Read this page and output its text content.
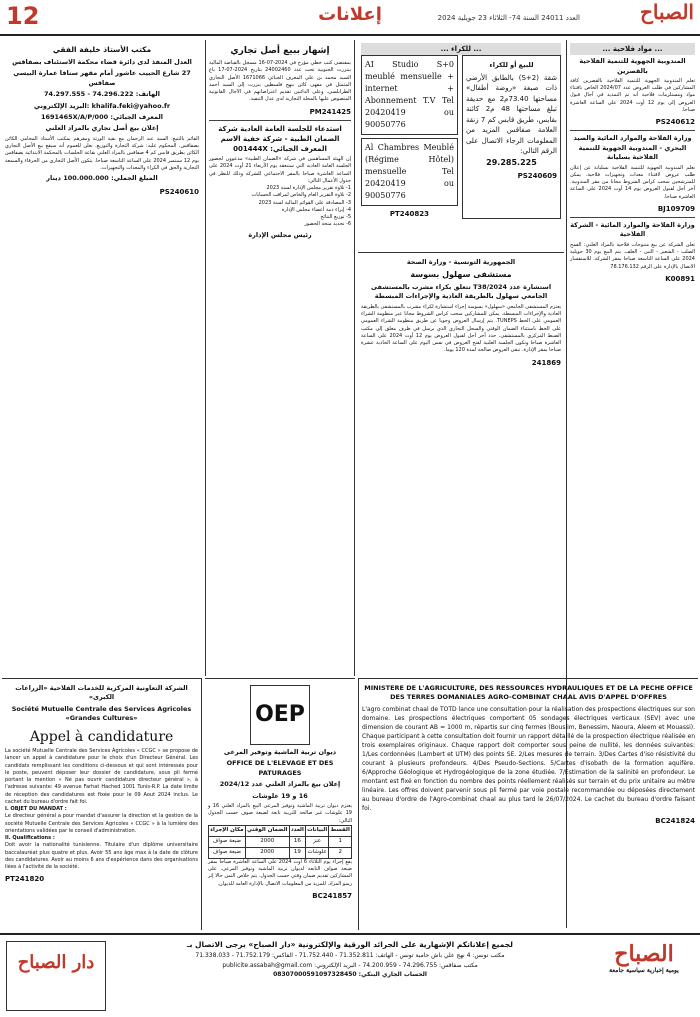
12	إعلانات	العدد 24011 السنة 74- الثلاثاء 23 جويلية 2024	الصباح
... مواد فلاحية ...
المندوبية الجهوية للتنمية الفلاحية بالقصرين
تعلم المندوبية الجهوية للتنمية الفلاحية بالقصرين كافة المشاركين في طلب العروض عدد 2024/07 الخاص باقتناء مواد ومستلزمات فلاحية أنه تم التمديد في آجال قبول العروض إلى يوم 12 أوت 2024 على الساعة العاشرة صباحا.
PS240612
وزارة الفلاحة والموارد المائية والصيد البحري - المندوبية الجهوية للتنمية الفلاحية بسليانة
تعلم المندوبية الجهوية للتنمية الفلاحية بسليانة عن إعلان طلب عروض لاقتناء معدات وتجهيزات فلاحية. يمكن للمترشحين سحب كراس الشروط مجانا من مقر المندوبية. آخر أجل لقبول العروض يوم 14 أوت 2024 على الساعة العاشرة صباحا.
BJ109709
وزارة الفلاحة والموارد المائية - الشركة الفلاحية
تعلن الشركة عن بيع منتوجات فلاحية بالمزاد العلني: القمح الصلب - الشعير - التبن - العلف. يتم البيع يوم 30 جويلية 2024 على الساعة التاسعة صباحا بمقر الشركة. للاستفسار الاتصال بالإدارة على الرقم 78.176.132
K00891
... للكراء ...
للبيع أو للكراء
شقة (S+2) بالطابق الأرضي ذات صبغة «روضة أطفال» مساحتها 73.40م2 مع حديقة تبلغ مساحتها 48 م2 كائنة بقابس، طريق قابس كم 7 زنقة العلامة صفاقس المزيد من المعلومات الرجاء الاتصال على الرقم التالي:
29.285.225
PS240609
AI Studio S+0 meublé mensuelle + internet + Abonnement T.V Tel 20420419 ou 90050776
Al Chambres Meublé (Régime Hôtel) mensuelle Tel 20420419 ou 90050776
PT240823
الجمهورية التونسية - وزارة الصحة
مستشفى سهلول بسوسة
استشارة عدد 2024/T38 تتعلق بكراء مشرب بالمستشفى الجامعي سهلول بالطريقة العادية والإجراءات المبسطة
يعتزم المستشفى الجامعي «سهلول» بسوسة إجراء استشارة لكراء مشرب بالمستشفى بالطريقة العادية والإجراءات المبسطة. يمكن للمشاركين سحب كراس الشروط مجانا عبر منظومة الشراء العمومي على الخط TUNEPS. يتم إرسال العروض وجوبا عن طريق منظومة الشراء العمومي على الخط باستثناء الضمان الوقتي والسجل التجاري الذي يرسل في ظرف مغلق إلى مكتب الضبط المركزي بالمستشفى. حدد آخر أجل لقبول العروض يوم 12 أوت 2024 على الساعة العاشرة صباحا وتكون الجلسة العلنية لفتح العروض في نفس اليوم على الساعة الحادية عشرة صباحا بمقر الإدارة. تبقى العروض صالحة لمدة 120 يوما.
241869
إشهار ببيع أصل تجاري
بمقتضى كتب خطي مؤرخ في 2024-07-16 مسجل بالقباضة المالية ببنزرت الجنوبية تحت عدد 24002460 بتاريخ 2024-07-17 باع السيد محمد بن علي المعرف الجبائي 1671066 الأصل التجاري المتمثل في مقهى كائن بنهج فلسطين بنزرت إلى السيد أحمد الطرابلسي. وعلى الدائنين تقديم اعتراضاتهم في الآجال القانونية المنصوص عليها بالمجلة التجارية لدى عدل التنفيذ.
PM241425
استدعاء للجلسة العامة العادية شركة الضمان الطبية - شركة خفية الاسم المعرف الجبائي: 001444X
إن الهيئة المساهمين في شركة «الضمان الطبية» مدعوون لحضور الجلسة العامة العادية التي ستنعقد يوم الأربعاء 21 أوت 2024 على الساعة العاشرة صباحا بالمقر الاجتماعي للشركة وذلك للنظر في جدول الأعمال التالي:
1- تلاوة تقرير مجلس الإدارة لسنة 2023
2- تلاوة التقرير العام والخاص لمراقب الحسابات
3- المصادقة على القوائم المالية لسنة 2023
4- إبراء ذمة أعضاء مجلس الإدارة
5- توزيع النتائج
6- تحديد منحة الحضور
رئيس مجلس الإدارة
مكتب الأستاذ خليفة الفقي
العدل المنفذ لدى دائرة قضاء محكمة الاستئناف بصفاقس
27 شارع الحبيب عاشور أمام مقهر سنافا عمارة البيسي صفاقس
الهاتف: 74.296.222 - 74.297.555
khalifa.feki@yahoo.fr :البريد الإلكتروني
المعرف الجبائي: 1691465X/A/P/000
إعلان بيع أصل تجاري بالمزاد العلني
القائم بالتتبع: السيد عبد الرحمان مع بقية الورثة ومقرهم بمكتب الأستاذ المحامي الكائن بصفاقس. المحكوم عليه: شركة التجارة والتوزيع. نعلن للعموم أنه سيقع بيع الأصل التجاري الكائن بطريق قابس كم 4 صفاقس بالمزاد العلني بقاعة الجلسات بالمحكمة الابتدائية بصفاقس يوم 12 سبتمبر 2024 على الساعة التاسعة صباحا. يتكون الأصل التجاري من الحرفاء والسمعة التجارية والحق في الكراء والمعدات والتجهيزات.
المبلغ الجملي: 100.000.000 دينار
PS240610
الشركة التعاونية المركزية للخدمات الفلاحية «الزراعات الكبرى»
Société Mutuelle Centrale des Services Agricoles «Grandes Cultures»
Appel à candidature
La société Mutuelle Centrale des Services Agricoles « CCGC » se propose de lancer un appel à candidature pour le choix d'un Directeur Général. Les candidats remplissant les conditions ci-dessous et qui sont intéressés pour le poste, peuvent déposer leur dossier de candidature, sous pli fermé portant la mention « Ne pas ouvrir candidature directeur général », à l'adresse suivante: 49 avenue Farhat Hached 1001 Tunis-R.P. La date limite de réception des candidatures est fixée pour le 09 Aout 2024 inclus. Le cachet du bureau d'ordre fait foi.
I. OBJET DU MANDAT :
Le directeur général a pour mandat d'assurer la direction et la gestion de la société Mutuelle Centrale des Services Agricoles « CCGC » à la lumière des orientations validées par le conseil d'administration.
II. Qualifications :
Doit avoir la nationalité tunisienne. Titulaire d'un diplôme universitaire baccalauréat plus quatre et plus. Avoir 55 ans âge max à la date de clôture des candidatures. Avoir au moins 6 ans d'expérience dans des organisations liées à l'activité de la société.
PT241820
OEP
ديوان تربية الماشية وتوفير المرعى
OFFICE DE L'ELEVAGE ET DES PATURAGES
إعلان بيع بالمزاد العلني عدد 2024/12
16 و 19 علوشات
يعتزم ديوان تربية الماشية وتوفير المرعى البيع بالمزاد العلني 16 و 19 علوشات غير صالحة للتربية تابعة لضيعة صوف حسب الجدول التالي:
القسط	البيانات	العدد	الضمان الوقتي	مكان الإجراء
1	عنز	16	2000	ضيعة صواف
2	علوشات	19	2000	ضيعة صواف
يقع إجراء يوم الثلاثاء 6 أوت 2024 على الساعة العاشرة صباحا بمقر ضيعة صواف التابعة لديوان تربية الماشية وتوفير المرعى. على المشاركين تقديم ضمان وقتي حسب الجدول. يتم خلاص الثمن حالا إثر رسو المزاد. للمزيد من المعلومات الاتصال بالإدارة العامة للديوان.
BC241857
MINISTERE DE L'AGRICULTURE, DES RESSOURCES HYDRAULIQUES ET DE LA PECHE OFFICE DES TERRES DOMANIALES AGRO-COMBINAT CHAAL AVIS D'APPEL D'OFFRES
L'agro combinat chaal de TOTD lance une consultation pour la réalisation des prospections électriques sur son domaine. Les prospections électriques comportent 05 sondages électriques verticaux (SEV) avec une dimension de courant AB = 1000 m, répartis sur cinq fermes (Bouslim, Benessim, Naoura, Aleem et Mouassi). Chaque participant à cette consultation doit fournir un rapport détaillé de la prospection électrique réalisée en trois exemplaires originaux. Chaque rapport doit comporter sous peine de nullité, les données suivantes: 1/Les cordonnées (Lambert et UTM) des points SE. 2/Les mesures de terrain. 3/Des Cartes d'iso résistivité du courant à plusieurs profondeurs. 4/Des Pseudo-Sections. 5/Cartes d'isobath de la formation aquifère. 6/Approche Géologique et Hydrogéologique de la zone étudiée. 7/Estimation de la salinité en profondeur. Le montant est fixé en fonction du nombre des points réellement réalisés sur terrain et du prix unitaire au mètre linéaire. Les offres doivent parvenir sous pli fermé par voie postale recommandée ou déposées directement au bureau d'ordre de l'Agro-combinat chaal au plus tard le 26/07/2024. Le cachet du bureau d'ordre faisant foi.
BC241824
دار الصباح
لجميع إعلاناتكم الإشهارية على الجرائد الورقية والإلكترونية «دار الصباح» يرجى الاتصال بـ
مكتب تونس: 4 نهج علي باش حامبة تونس - الهاتف: 71.352.811 - 71.752.440 - الفاكس: 71.752.179 - 71.338.033
مكتب صفاقس: 74.296.755 - 74.200.959 - البريد الإلكتروني: publicite.assabah@gmail.com
الحساب الجاري البنكي: 08307000591097328450
الصباح
يومية إخبارية سياسية جامعة
